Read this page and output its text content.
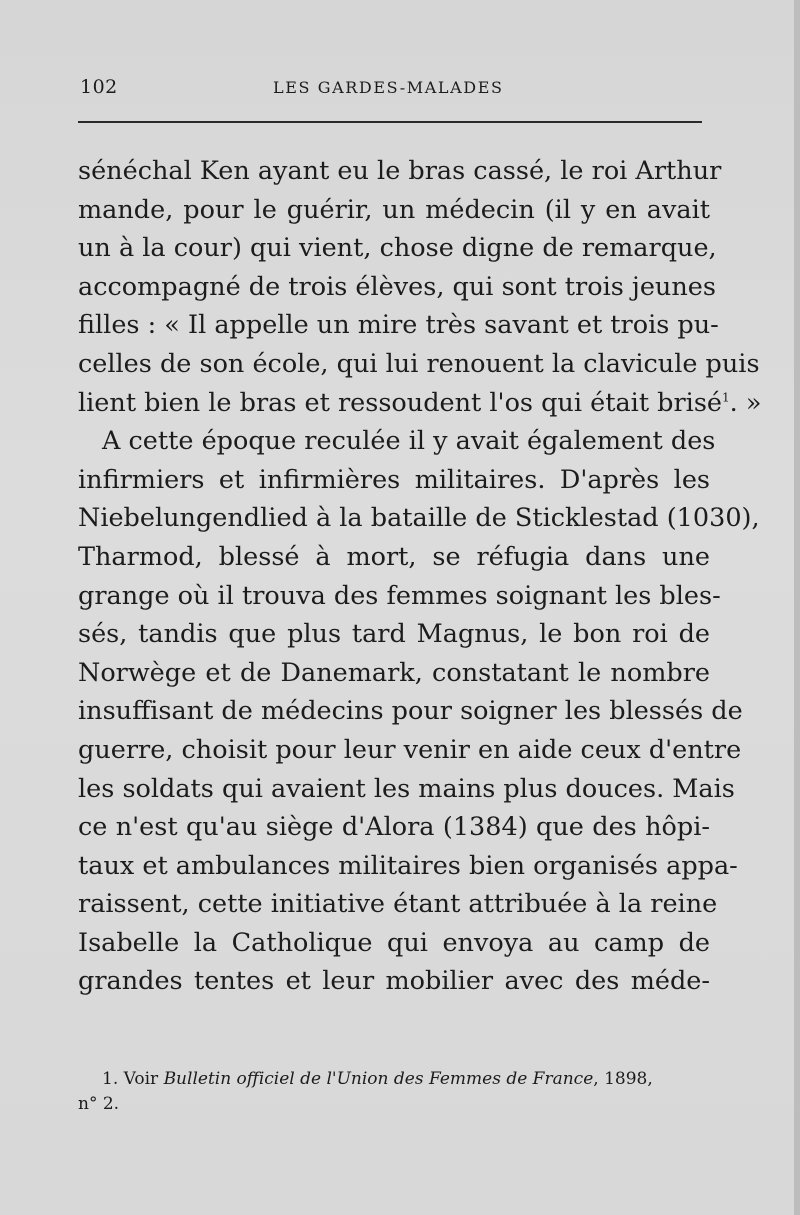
102	LES GARDES-MALADES
sénéchal Ken ayant eu le bras cassé, le roi Arthur
mande, pour le guérir, un médecin (il y en avait
un à la cour) qui vient, chose digne de remarque,
accompagné de trois élèves, qui sont trois jeunes
filles : « Il appelle un mire très savant et trois pu-
celles de son école, qui lui renouent la clavicule puis
lient bien le bras et ressoudent l'os qui était brisé$^1$. »
A cette époque reculée il y avait également des
infirmiers et infirmières militaires. D'après les
Niebelungendlied à la bataille de Sticklestad (1030),
Tharmod, blessé à mort, se réfugia dans une
grange où il trouva des femmes soignant les bles-
sés, tandis que plus tard Magnus, le bon roi de
Norwège et de Danemark, constatant le nombre
insuffisant de médecins pour soigner les blessés de
guerre, choisit pour leur venir en aide ceux d'entre
les soldats qui avaient les mains plus douces. Mais
ce n'est qu'au siège d'Alora (1384) que des hôpi-
taux et ambulances militaires bien organisés appa-
raissent, cette initiative étant attribuée à la reine
Isabelle la Catholique qui envoya au camp de
grandes tentes et leur mobilier avec des méde-
1. Voir Bulletin officiel de l'Union des Femmes de France, 1898,
n° 2.
